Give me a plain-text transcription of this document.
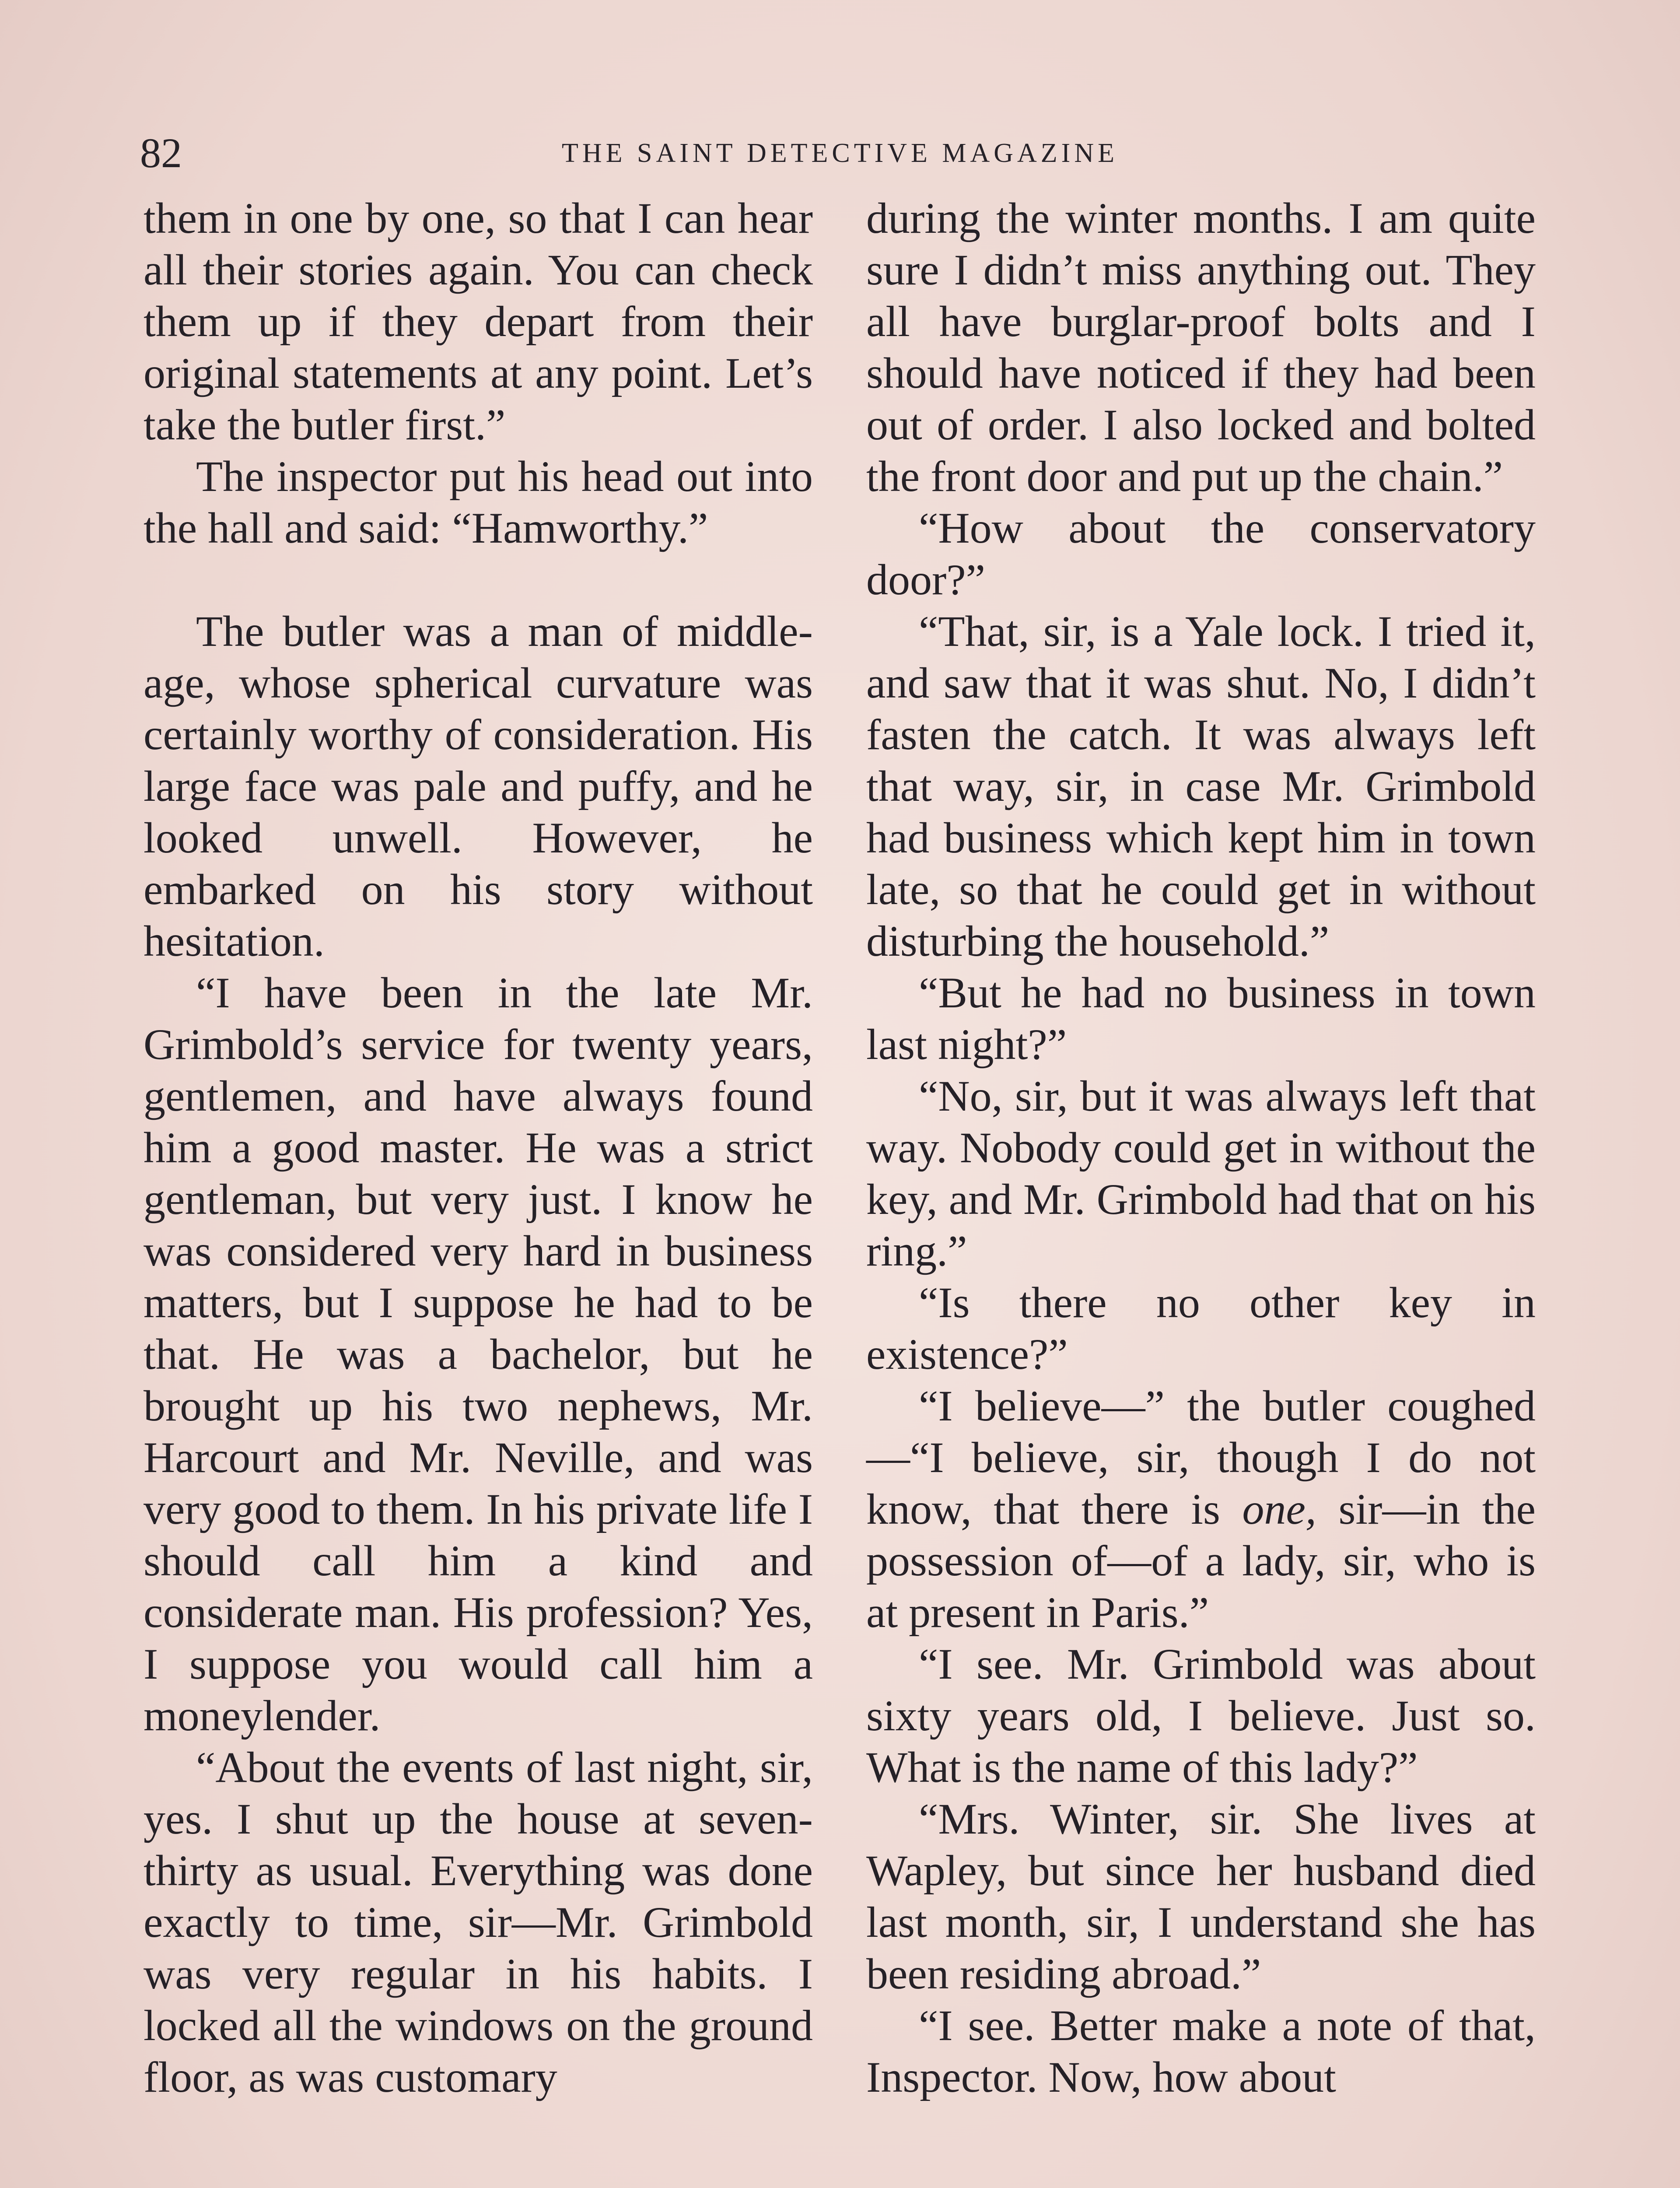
82	THE SAINT DETECTIVE MAGAZINE

them in one by one, so that I can hear all their stories again. You can check them up if they depart from their original statements at any point. Let’s take the butler first.”

The inspector put his head out into the hall and said: “Hamworthy.”

The butler was a man of middle-age, whose spherical curvature was certainly worthy of consideration. His large face was pale and puffy, and he looked unwell. However, he embarked on his story without hesitation.

“I have been in the late Mr. Grimbold’s service for twenty years, gentlemen, and have always found him a good master. He was a strict gentleman, but very just. I know he was considered very hard in business matters, but I suppose he had to be that. He was a bachelor, but he brought up his two nephews, Mr. Harcourt and Mr. Neville, and was very good to them. In his private life I should call him a kind and considerate man. His profession? Yes, I suppose you would call him a moneylender.

“About the events of last night, sir, yes. I shut up the house at seven-thirty as usual. Everything was done exactly to time, sir—Mr. Grimbold was very regular in his habits. I locked all the windows on the ground floor, as was customary

during the winter months. I am quite sure I didn’t miss anything out. They all have burglar-proof bolts and I should have noticed if they had been out of order. I also locked and bolted the front door and put up the chain.”

“How about the conservatory door?”

“That, sir, is a Yale lock. I tried it, and saw that it was shut. No, I didn’t fasten the catch. It was always left that way, sir, in case Mr. Grimbold had business which kept him in town late, so that he could get in without disturbing the household.”

“But he had no business in town last night?”

“No, sir, but it was always left that way. Nobody could get in without the key, and Mr. Grimbold had that on his ring.”

“Is there no other key in existence?”

“I believe—” the butler coughed—“I believe, sir, though I do not know, that there is one, sir—in the possession of—of a lady, sir, who is at present in Paris.”

“I see. Mr. Grimbold was about sixty years old, I believe. Just so. What is the name of this lady?”

“Mrs. Winter, sir. She lives at Wapley, but since her husband died last month, sir, I understand she has been residing abroad.”

“I see. Better make a note of that, Inspector. Now, how about
